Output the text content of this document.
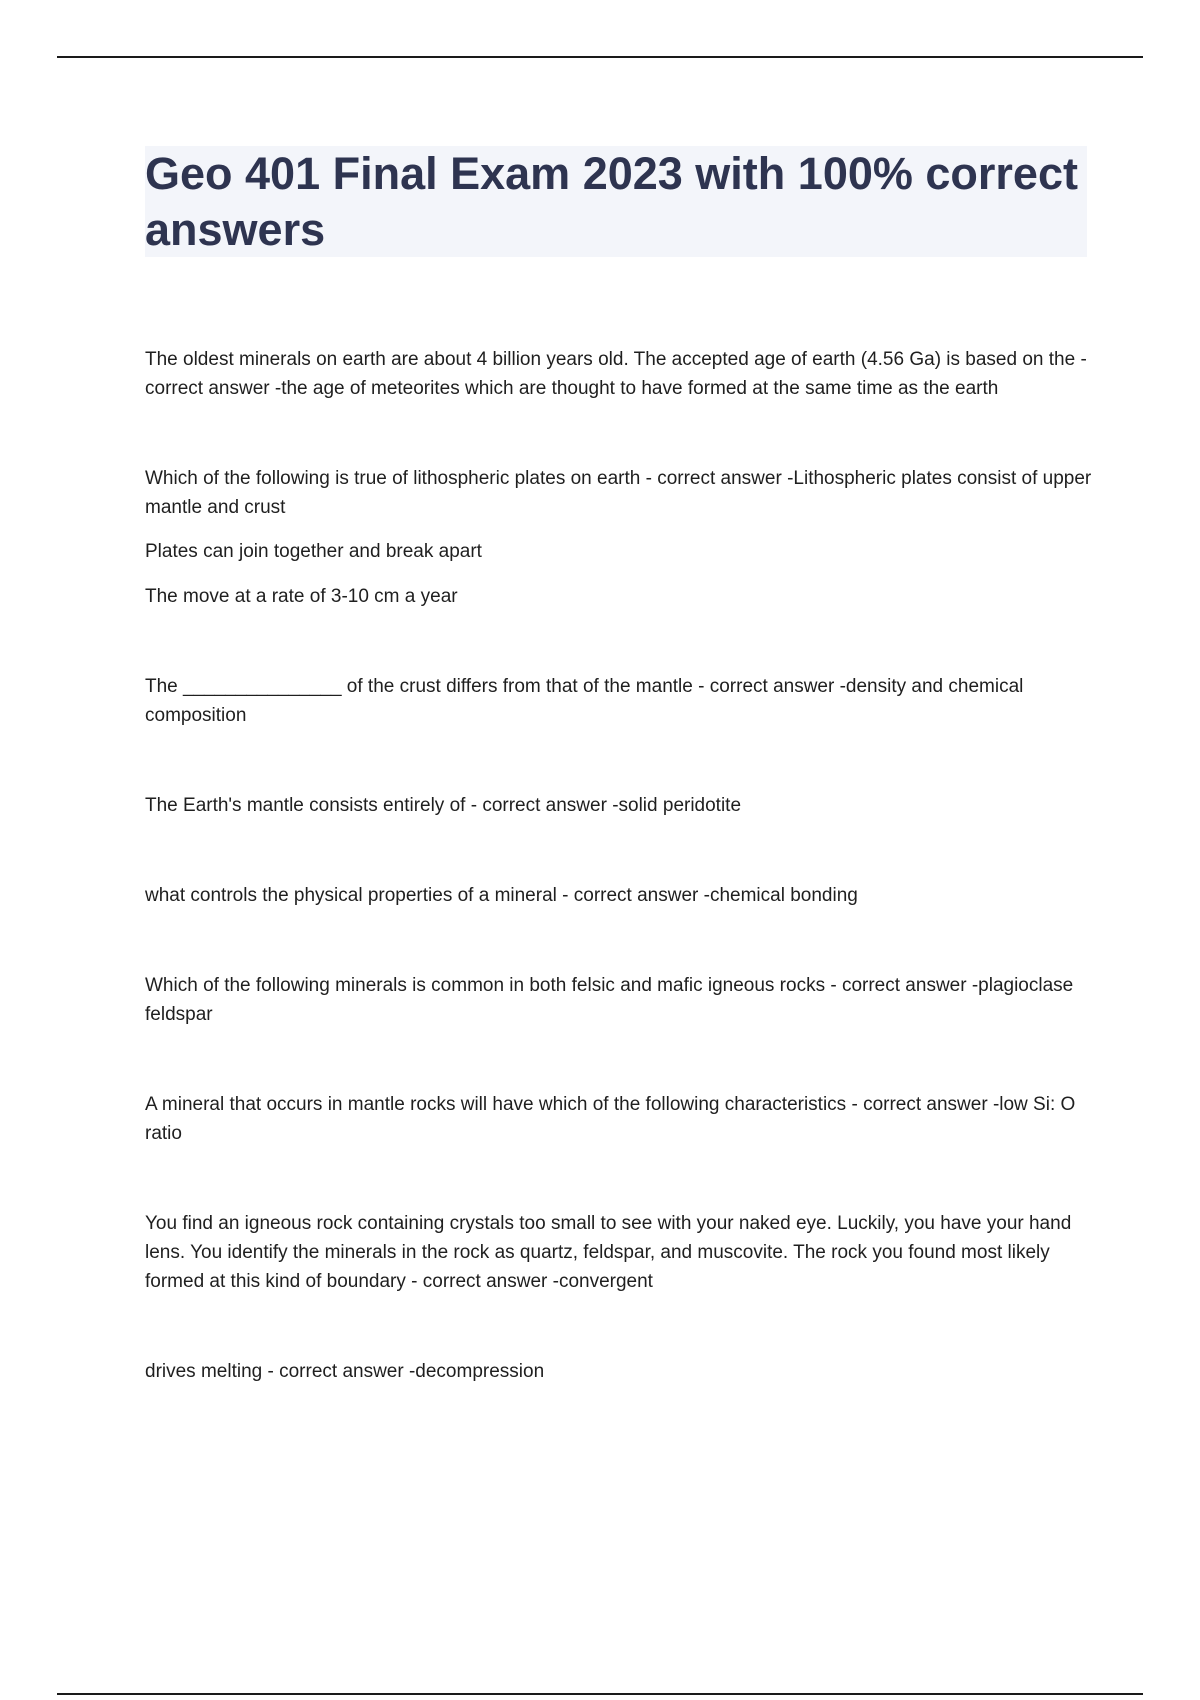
Geo 401 Final Exam 2023 with 100% correct answers

The oldest minerals on earth are about 4 billion years old. The accepted age of earth (4.56 Ga) is based on the - correct answer -the age of meteorites which are thought to have formed at the same time as the earth

Which of the following is true of lithospheric plates on earth - correct answer -Lithospheric plates consist of upper mantle and crust

Plates can join together and break apart

The move at a rate of 3-10 cm a year

The _______________ of the crust differs from that of the mantle - correct answer -density and chemical composition

The Earth's mantle consists entirely of - correct answer -solid peridotite

what controls the physical properties of a mineral - correct answer -chemical bonding

Which of the following minerals is common in both felsic and mafic igneous rocks - correct answer -plagioclase feldspar

A mineral that occurs in mantle rocks will have which of the following characteristics - correct answer -low Si: O ratio

You find an igneous rock containing crystals too small to see with your naked eye. Luckily, you have your hand lens. You identify the minerals in the rock as quartz, feldspar, and muscovite. The rock you found most likely formed at this kind of boundary - correct answer -convergent

drives melting - correct answer -decompression
